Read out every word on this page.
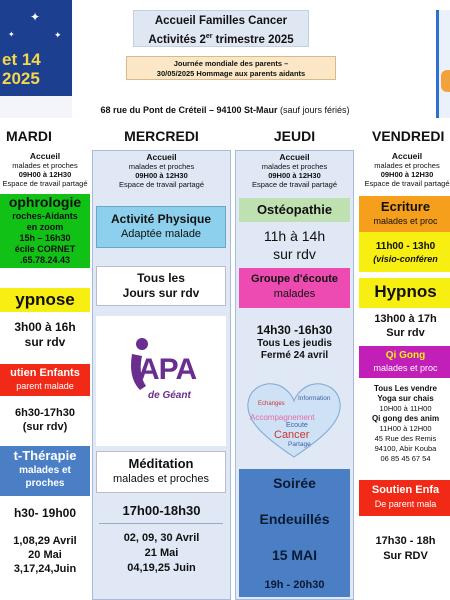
✦
✦
✦
et 14
2025
Accueil Familles Cancer
Activités 2er trimestre 2025
Journée mondiale des parents –
30/05/2025 Hommage aux parents aidants
68 rue du Pont de Créteil – 94100 St-Maur (sauf jours fériés)
MARDI	MERCREDI	JEUDI	VENDREDI
Accueil
malades et proches
09H00 à 12H30
Espace de travail partagé
ophrologie
roches-Aidants
en zoom
15h – 16h30
écile CORNET
.65.78.24.43
ypnose
3h00 à 16h
sur rdv
utien Enfants
parent malade
6h30-17h30
(sur rdv)
t-Thérapie
malades et
proches
h30- 19h00
1,08,29 Avril
20 Mai
3,17,24,Juin
Accueil
malades et proches
09H00 à 12H30
Espace de travail partagé
Activité Physique
Adaptée malade
Tous les
Jours sur rdv
APA
de Géant
Méditation
malades et proches
17h00-18h30
02, 09, 30 Avril
21 Mai
04,19,25 Juin
Accueil
malades et proches
09H00 à 12H30
Espace de travail partagé
Ostéopathie
11h à 14h
sur rdv
Groupe d'écoute
malades
14h30 -16h30
Tous Les jeudis
Fermé 24 avril
Echanges
Information
Accompagnement
Ecoute
Cancer
Partage
Soirée
Endeuillés
15 MAI
19h - 20h30
Accueil
malades et proches
09H00 à 12H30
Espace de travail partagé
Ecriture
malades et proc
11h00 - 13h0
(visio-conféren
Hypnos
13h00 à 17h
Sur rdv
Qi Gong
malades et proc
Tous Les vendre
Yoga sur chais
10H00 à 11H00
Qi gong des anim
11H00 à 12H00
45 Rue des Remis
94100, Abir Kouba
06 85 45 67 54
Soutien Enfa
De parent mala
17h30 - 18h
Sur RDV
